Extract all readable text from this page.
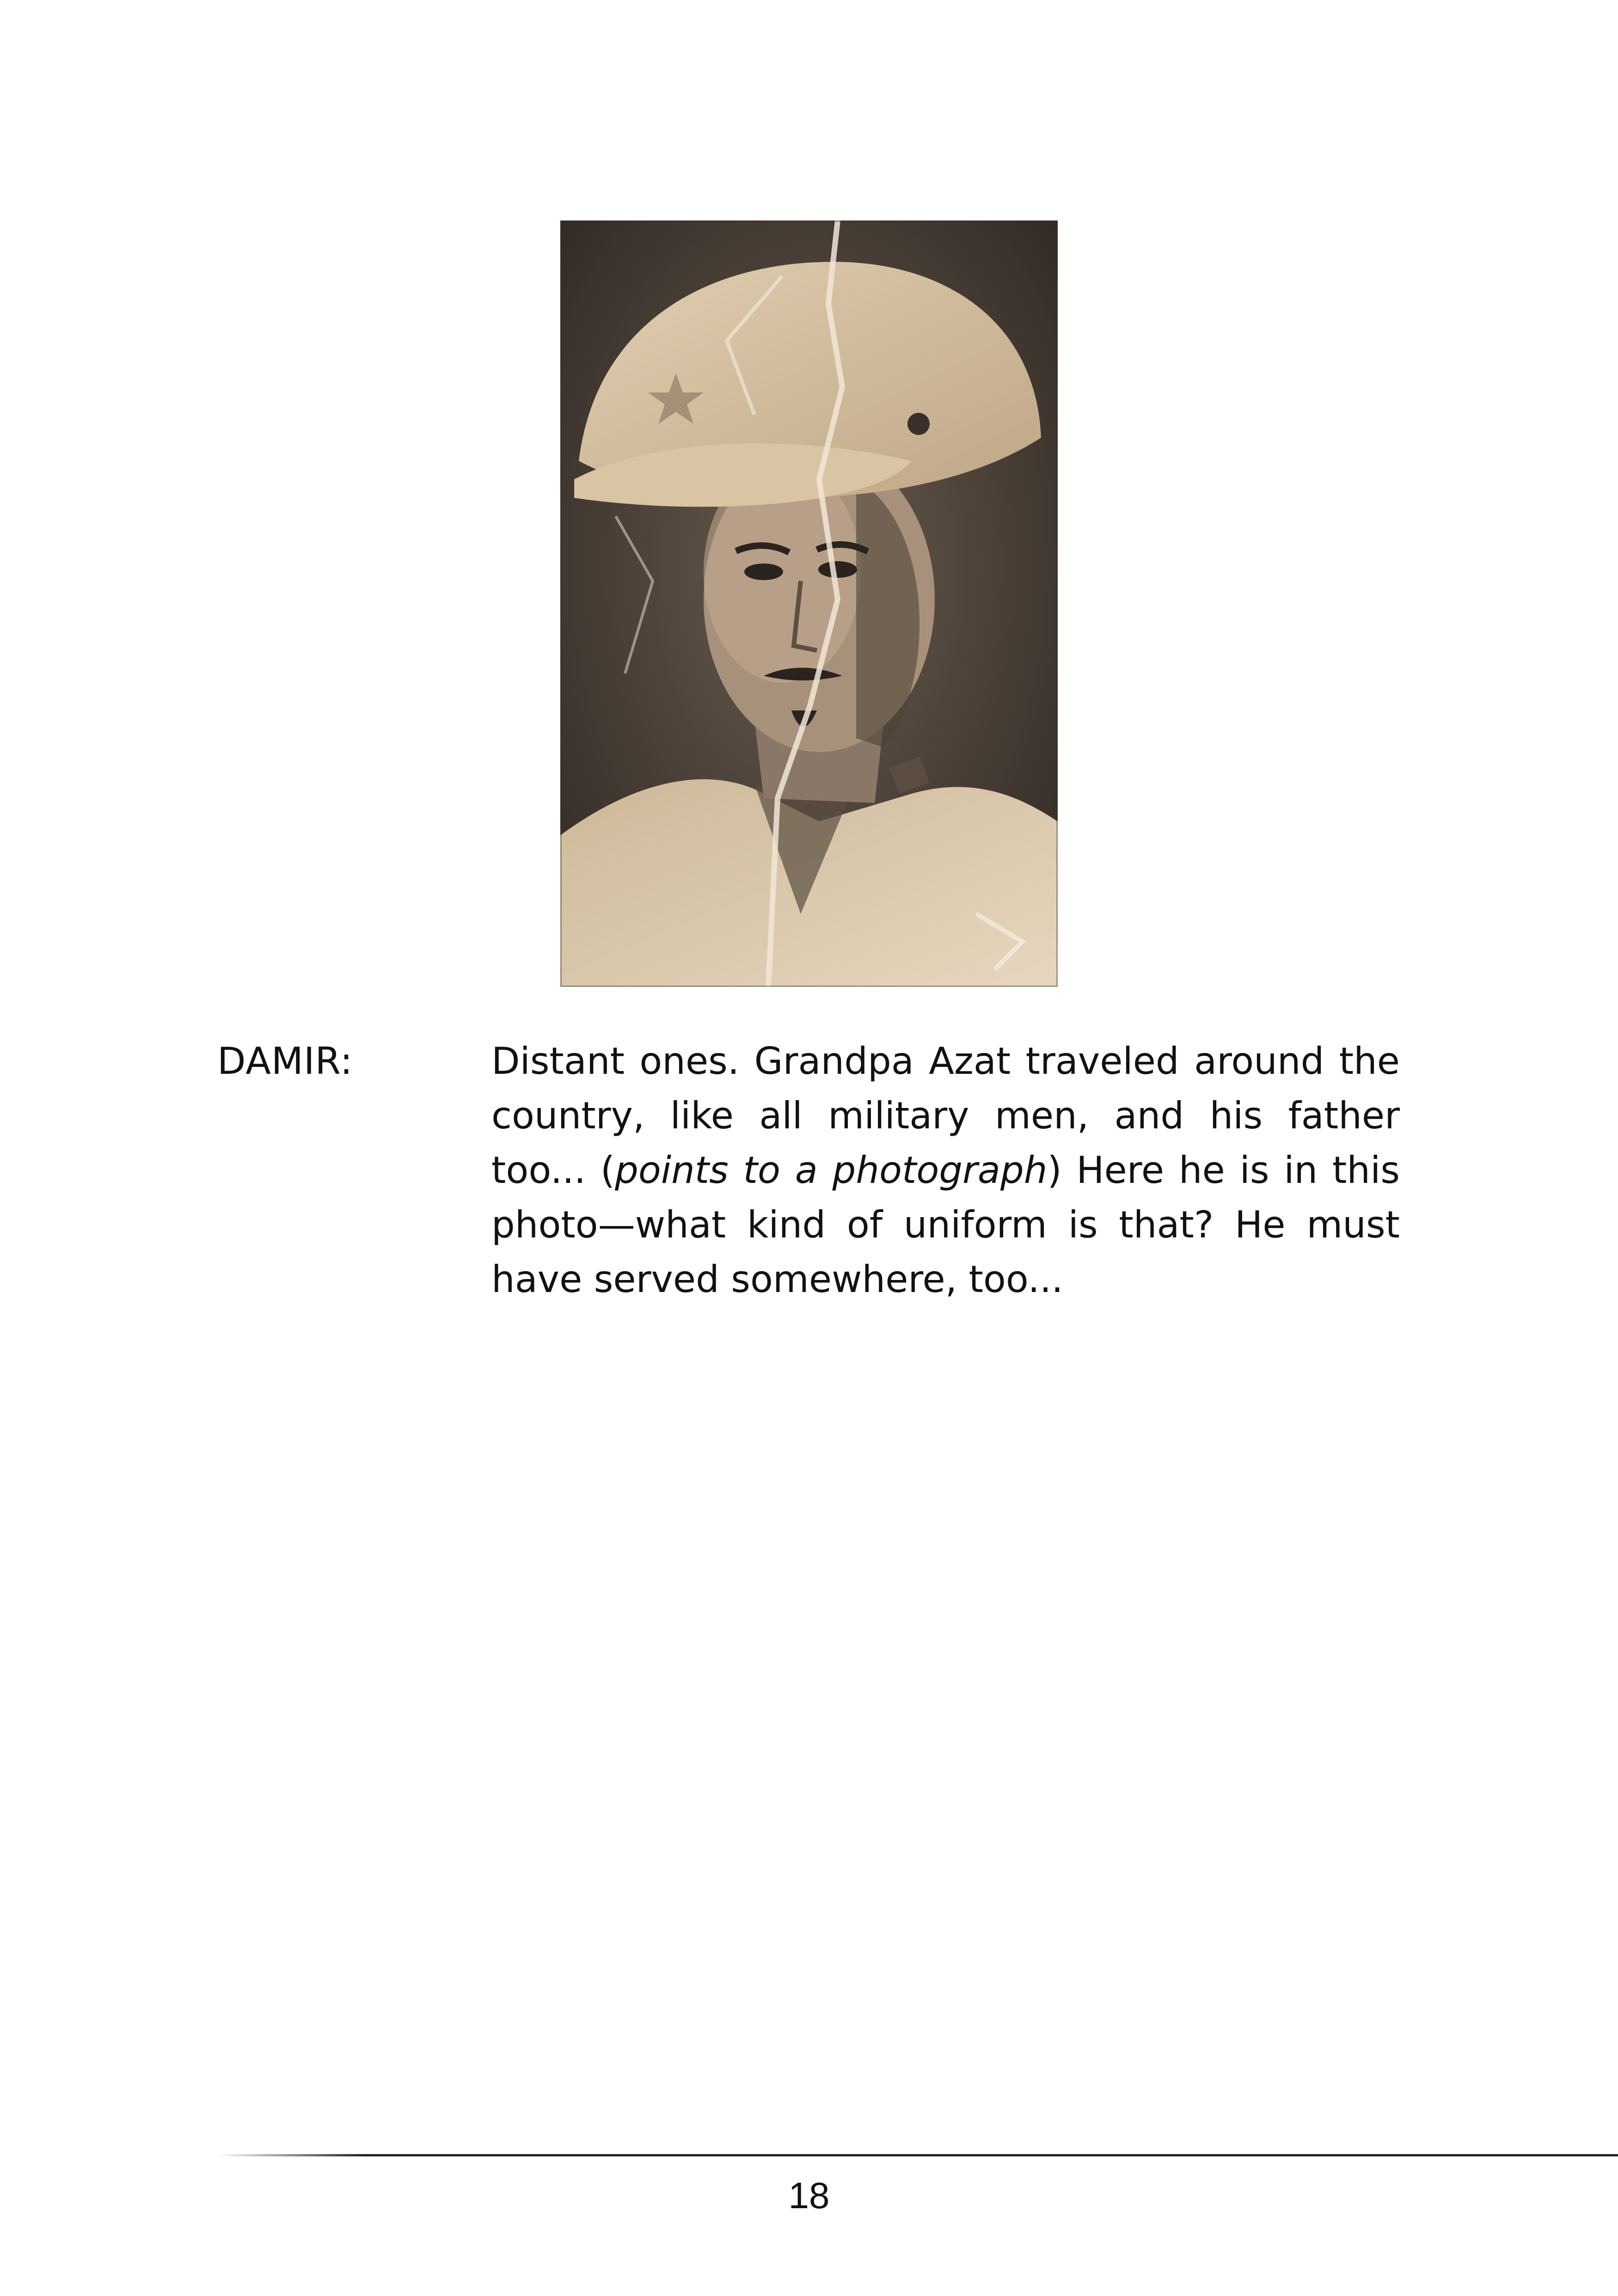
DAMIR:	Distant ones. Grandpa Azat traveled around the
country, like all military men, and his father
too... (points to a photograph) Here he is in this
photo—what kind of uniform is that? He must
have served somewhere, too...
18
